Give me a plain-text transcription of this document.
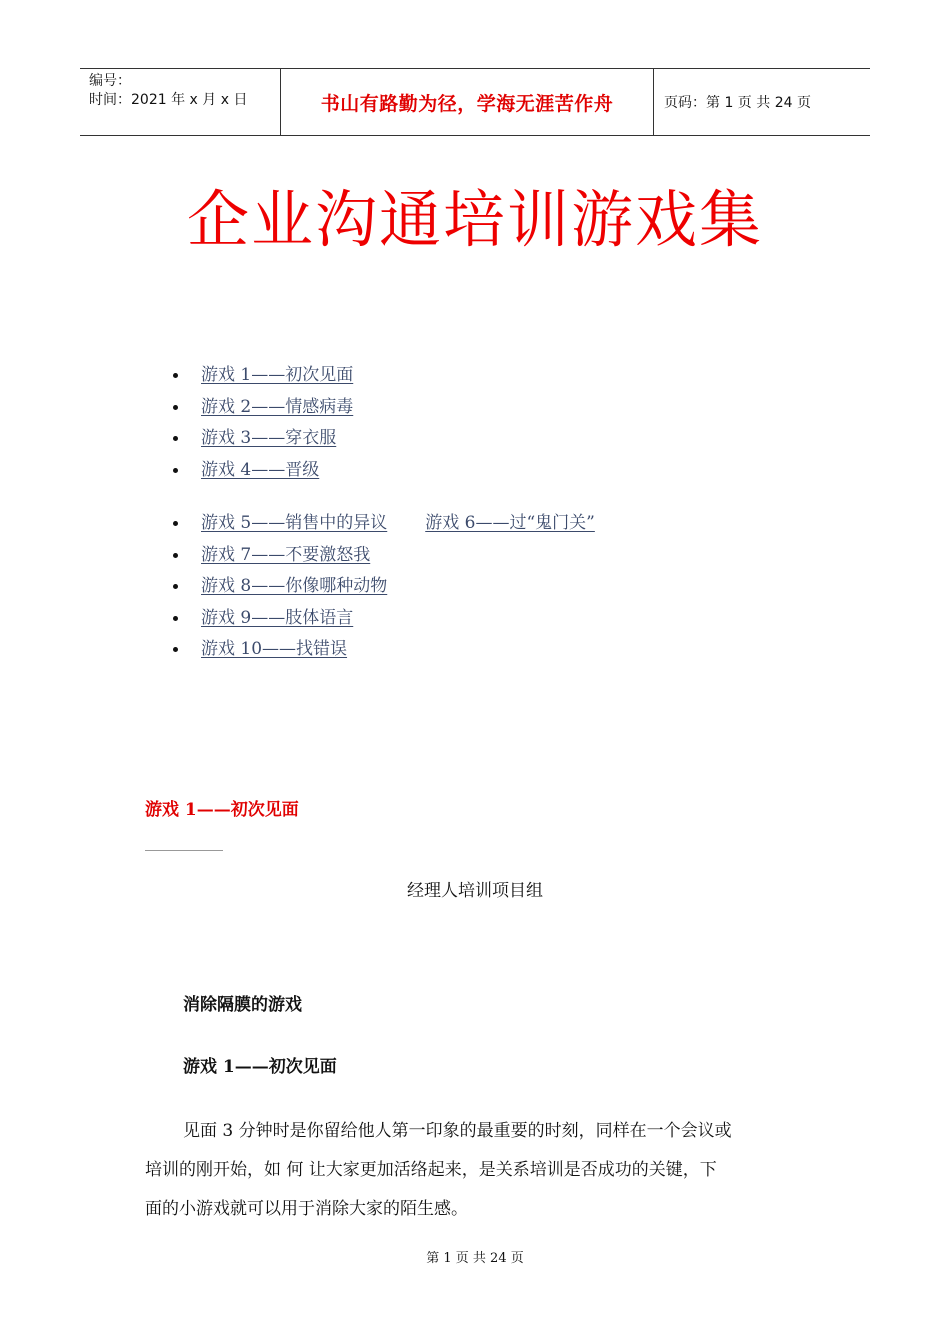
编号：
时间：2021 年 x 月 x 日	书山有路勤为径，学海无涯苦作舟	页码：第 1 页 共 24 页
企业沟通培训游戏集
游戏 1——初次见面
游戏 2——情感病毒
游戏 3——穿衣服
游戏 4——晋级
游戏 5——销售中的异议 游戏 6——过“鬼门关”
游戏 7——不要激怒我
游戏 8——你像哪种动物
游戏 9——肢体语言
游戏 10——找错误
游戏 1——初次见面
经理人培训项目组

消除隔膜的游戏

游戏 1——初次见面

见面 3 分钟时是你留给他人第一印象的最重要的时刻，同样在一个会议或
培训的刚开始，如 何 让大家更加活络起来，是关系培训是否成功的关键，下
面的小游戏就可以用于消除大家的陌生感。

第 1 页 共 24 页
